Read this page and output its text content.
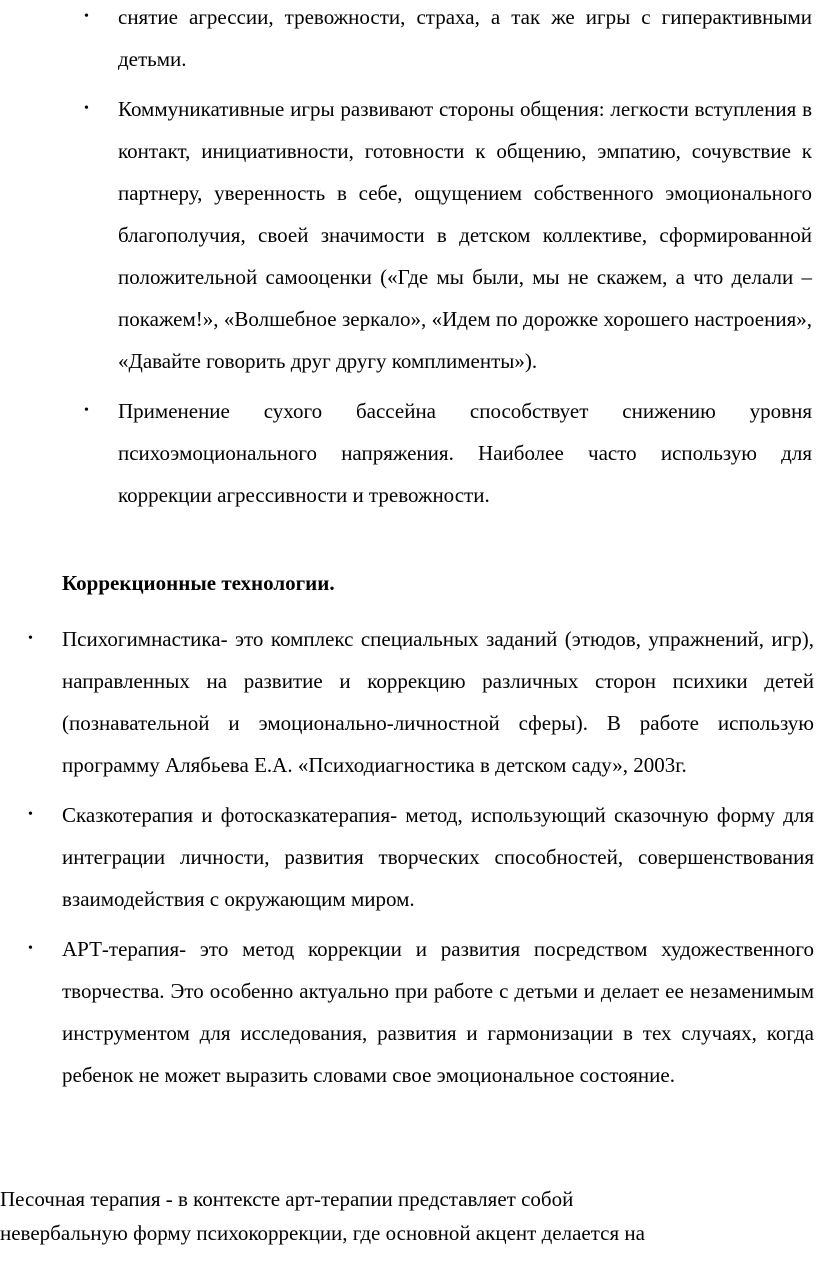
• снятие агрессии, тревожности, страха, а так же игры с гиперактивными детьми.
• Коммуникативные игры развивают стороны общения: легкости вступления в контакт, инициативности, готовности к общению, эмпатию, сочувствие к партнеру, уверенность в себе, ощущением собственного эмоционального благополучия, своей значимости в детском коллективе, сформированной положительной самооценки («Где мы были, мы не скажем, а что делали – покажем!», «Волшебное зеркало», «Идем по дорожке хорошего настроения», «Давайте говорить друг другу комплименты»).
• Применение сухого бассейна способствует снижению уровня психоэмоционального напряжения. Наиболее часто использую для коррекции агрессивности и тревожности.

Коррекционные технологии.

• Психогимнастика- это комплекс специальных заданий (этюдов, упражнений, игр), направленных на развитие и коррекцию различных сторон психики детей (познавательной и эмоционально-личностной сферы). В работе использую программу Алябьева Е.А. «Психодиагностика в детском саду», 2003г.
• Сказкотерапия и фотосказкатерапия- метод, использующий сказочную форму для интеграции личности, развития творческих способностей, совершенствования взаимодействия с окружающим миром.
• АРТ-терапия- это метод коррекции и развития посредством художественного творчества. Это особенно актуально при работе с детьми и делает ее незаменимым инструментом для исследования, развития и гармонизации в тех случаях, когда ребенок не может выразить словами свое эмоциональное состояние.

Песочная терапия - в контексте арт-терапии представляет собой
невербальную форму психокоррекции, где основной акцент делается на
